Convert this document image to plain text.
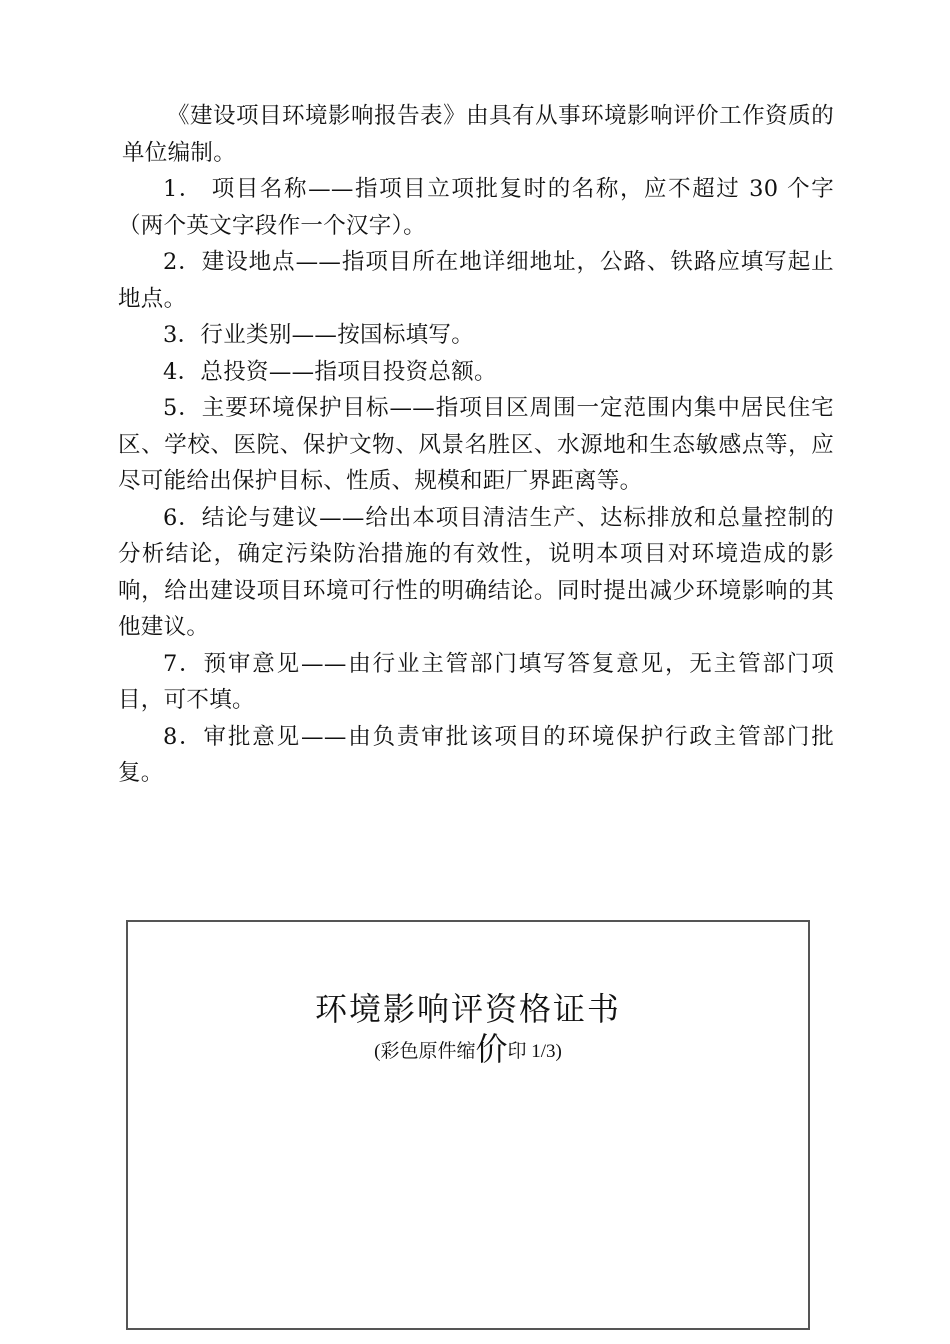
《建设项目环境影响报告表》由具有从事环境影响评价工作资质的单位编制。

1． 项目名称——指项目立项批复时的名称，应不超过 30 个字（两个英文字段作一个汉字）。

2．建设地点——指项目所在地详细地址，公路、铁路应填写起止地点。

3．行业类别——按国标填写。

4．总投资——指项目投资总额。

5．主要环境保护目标——指项目区周围一定范围内集中居民住宅区、学校、医院、保护文物、风景名胜区、水源地和生态敏感点等，应尽可能给出保护目标、性质、规模和距厂界距离等。

6．结论与建议——给出本项目清洁生产、达标排放和总量控制的分析结论，确定污染防治措施的有效性，说明本项目对环境造成的影响，给出建设项目环境可行性的明确结论。同时提出减少环境影响的其他建议。

7．预审意见——由行业主管部门填写答复意见，无主管部门项目，可不填。

8．审批意见——由负责审批该项目的环境保护行政主管部门批复。

环境影响评资格证书
(彩色原件缩价印 1/3)
